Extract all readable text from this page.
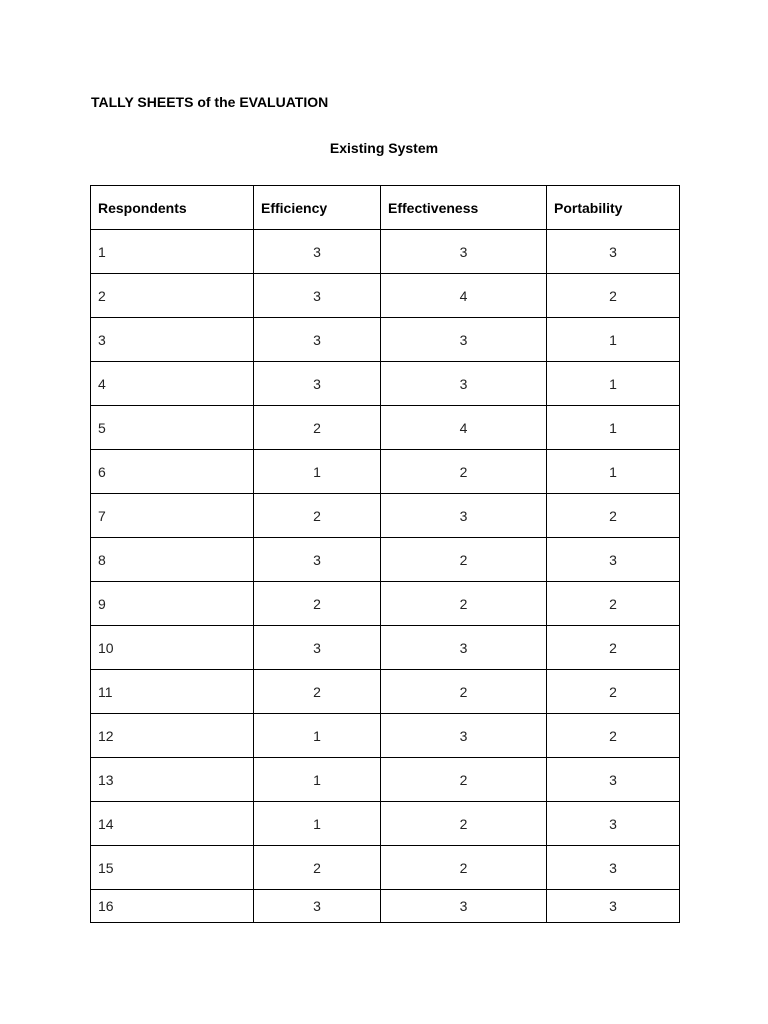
TALLY SHEETS of the EVALUATION
Existing System
Respondents	Efficiency	Effectiveness	Portability
1	3	3	3
2	3	4	2
3	3	3	1
4	3	3	1
5	2	4	1
6	1	2	1
7	2	3	2
8	3	2	3
9	2	2	2
10	3	3	2
11	2	2	2
12	1	3	2
13	1	2	3
14	1	2	3
15	2	2	3
16	3	3	3
